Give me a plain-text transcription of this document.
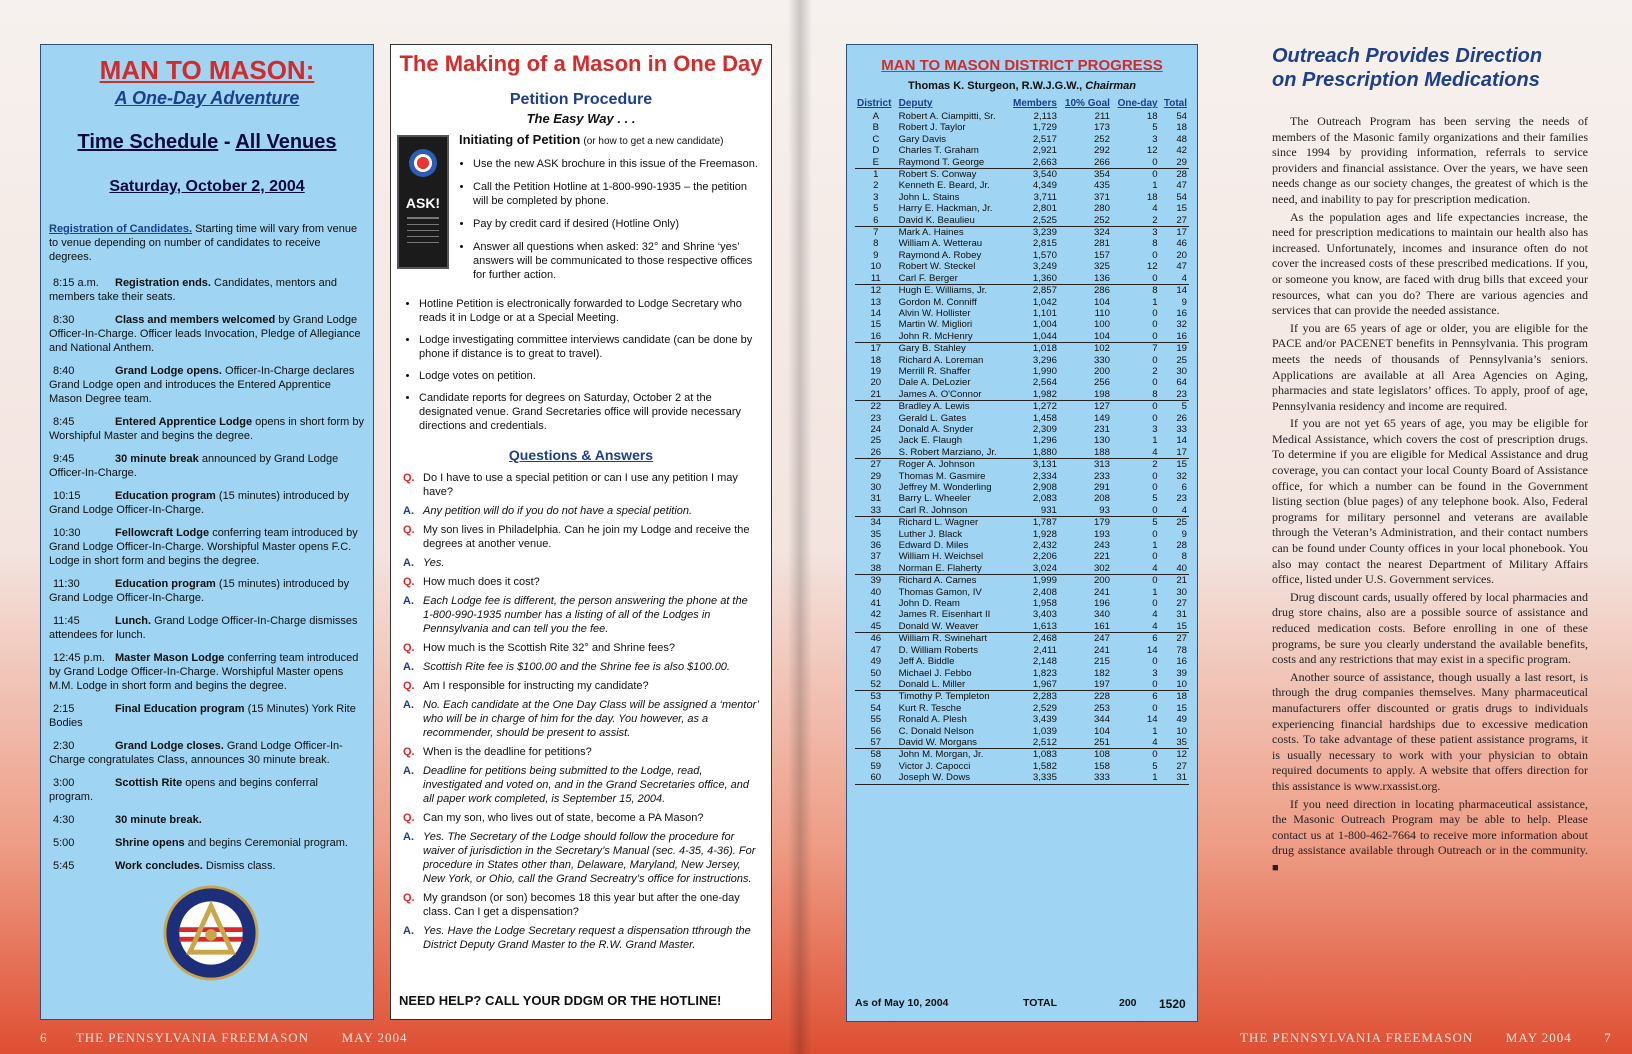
MAN TO MASON:
A One-Day Adventure
Time Schedule - All Venues
Saturday, October 2, 2004
Registration of Candidates. Starting time will vary from venue to venue depending on number of candidates to receive degrees.
8:15 a.m. Registration ends. Candidates, mentors and members take their seats.
8:30	Class and members welcomed by Grand Lodge Officer-In-Charge. Officer leads Invocation, Pledge of Allegiance and National Anthem.
8:40	Grand Lodge opens. Officer-In-Charge declares Grand Lodge open and introduces the Entered Apprentice Mason Degree team.
8:45	Entered Apprentice Lodge opens in short form by Worshipful Master and begins the degree.
9:45	30 minute break announced by Grand Lodge Officer-In-Charge.
10:15	Education program (15 minutes) introduced by Grand Lodge Officer-In-Charge.
10:30	Fellowcraft Lodge conferring team introduced by Grand Lodge Officer-In-Charge. Worshipful Master opens F.C. Lodge in short form and begins the degree.
11:30	Education program (15 minutes) introduced by Grand Lodge Officer-In-Charge.
11:45	Lunch. Grand Lodge Officer-In-Charge dismisses attendees for lunch.
12:45 p.m. Master Mason Lodge conferring team introduced by Grand Lodge Officer-In-Charge. Worshipful Master opens M.M. Lodge in short form and begins the degree.
2:15	Final Education program (15 Minutes) York Rite Bodies
2:30	Grand Lodge closes. Grand Lodge Officer-In-Charge congratulates Class, announces 30 minute break.
3:00	Scottish Rite opens and begins conferral program.
4:30	30 minute break.
5:00	Shrine opens and begins Ceremonial program.
5:45	Work concludes. Dismiss class.
The Making of a Mason in One Day
Petition Procedure
The Easy Way . . .
ASK!
Initiating of Petition (or how to get a new candidate)
• Use the new ASK brochure in this issue of the Freemason.
• Call the Petition Hotline at 1-800-990-1935 – the petition will be completed by phone.
• Pay by credit card if desired (Hotline Only)
• Answer all questions when asked: 32° and Shrine ‘yes’ answers will be communicated to those respective offices for further action.
• Hotline Petition is electronically forwarded to Lodge Secretary who reads it in Lodge or at a Special Meeting.
• Lodge investigating committee interviews candidate (can be done by phone if distance is to great to travel).
• Lodge votes on petition.
• Candidate reports for degrees on Saturday, October 2 at the designated venue. Grand Secretaries office will provide necessary directions and credentials.
Questions & Answers
Q. Do I have to use a special petition or can I use any petition I may have?
A. Any petition will do if you do not have a special petition.
Q. My son lives in Philadelphia. Can he join my Lodge and receive the degrees at another venue.
A. Yes.
Q. How much does it cost?
A. Each Lodge fee is different, the person answering the phone at the 1-800-990-1935 number has a listing of all of the Lodges in Pennsylvania and can tell you the fee.
Q. How much is the Scottish Rite 32° and Shrine fees?
A. Scottish Rite fee is $100.00 and the Shrine fee is also $100.00.
Q. Am I responsible for instructing my candidate?
A. No. Each candidate at the One Day Class will be assigned a ‘mentor’ who will be in charge of him for the day. You however, as a recommender, should be present to assist.
Q. When is the deadline for petitions?
A. Deadline for petitions being submitted to the Lodge, read, investigated and voted on, and in the Grand Secretaries office, and all paper work completed, is September 15, 2004.
Q. Can my son, who lives out of state, become a PA Mason?
A. Yes. The Secretary of the Lodge should follow the procedure for waiver of jurisdiction in the Secretary’s Manual (sec. 4-35, 4-36). For procedure in States other than, Delaware, Maryland, New Jersey, New York, or Ohio, call the Grand Secreatry’s office for instructions.
Q. My grandson (or son) becomes 18 this year but after the one-day class. Can I get a dispensation?
A. Yes. Have the Lodge Secretary request a dispensation tthrough the District Deputy Grand Master to the R.W. Grand Master.
NEED HELP? CALL YOUR DDGM OR THE HOTLINE!
MAN TO MASON DISTRICT PROGRESS
Thomas K. Sturgeon, R.W.J.G.W., Chairman
District	Deputy	Members	10% Goal	One-day	Total
A	Robert A. Ciampitti, Sr.	2,113	211	18	54
B	Robert J. Taylor	1,729	173	5	18
C	Gary Davis	2,517	252	3	48
D	Charles T. Graham	2,921	292	12	42
E	Raymond T. George	2,663	266	0	29
1	Robert S. Conway	3,540	354	0	28
2	Kenneth E. Beard, Jr.	4,349	435	1	47
3	John L. Stains	3,711	371	18	54
5	Harry E. Hackman, Jr.	2,801	280	4	15
6	David K. Beaulieu	2,525	252	2	27
7	Mark A. Haines	3,239	324	3	17
8	William A. Wetterau	2,815	281	8	46
9	Raymond A. Robey	1,570	157	0	20
10	Robert W. Steckel	3,249	325	12	47
11	Carl F. Berger	1,360	136	0	4
12	Hugh E. Williams, Jr.	2,857	286	8	14
13	Gordon M. Conniff	1,042	104	1	9
14	Alvin W. Hollister	1,101	110	0	16
15	Martin W. Migliori	1,004	100	0	32
16	John R. McHenry	1,044	104	0	16
17	Gary B. Stahley	1,018	102	7	19
18	Richard A. Loreman	3,296	330	0	25
19	Merrill R. Shaffer	1,990	200	2	30
20	Dale A. DeLozier	2,564	256	0	64
21	James A. O'Connor	1,982	198	8	23
22	Bradley A. Lewis	1,272	127	0	5
23	Gerald L. Gates	1,458	149	0	26
24	Donald A. Snyder	2,309	231	3	33
25	Jack E. Flaugh	1,296	130	1	14
26	S. Robert Marziano, Jr.	1,880	188	4	17
27	Roger A. Johnson	3,131	313	2	15
29	Thomas M. Gasmire	2,334	233	0	32
30	Jeffrey M. Wonderling	2,908	291	0	6
31	Barry L. Wheeler	2,083	208	5	23
33	Carl R. Johnson	931	93	0	4
34	Richard L. Wagner	1,787	179	5	25
35	Luther J. Black	1,928	193	0	9
36	Edward D. Miles	2,432	243	1	28
37	William H. Weichsel	2,206	221	0	8
38	Norman E. Flaherty	3,024	302	4	40
39	Richard A. Carnes	1,999	200	0	21
40	Thomas Gamon, IV	2,408	241	1	30
41	John D. Ream	1,958	196	0	27
42	James R. Eisenhart II	3,403	340	4	31
45	Donald W. Weaver	1,613	161	4	15
46	William R. Swinehart	2,468	247	6	27
47	D. William Roberts	2,411	241	14	78
49	Jeff A. Biddle	2,148	215	0	16
50	Michael J. Febbo	1,823	182	3	39
52	Donald L. Miller	1,967	197	0	10
53	Timothy P. Templeton	2,283	228	6	18
54	Kurt R. Tesche	2,529	253	0	15
55	Ronald A. Plesh	3,439	344	14	49
56	C. Donald Nelson	1,039	104	1	10
57	David W. Morgans	2,512	251	4	35
58	John M. Morgan, Jr.	1,083	108	0	12
59	Victor J. Capocci	1,582	158	5	27
60	Joseph W. Dows	3,335	333	1	31
As of May 10, 2004	TOTAL	200 1520
Outreach Provides Direction
on Prescription Medications

The Outreach Program has been serving the needs of members of the Masonic family organizations and their families since 1994 by providing information, referrals to service providers and financial assistance. Over the years, we have seen needs change as our society changes, the greatest of which is the need, and inability to pay for prescription medication.

As the population ages and life expectancies increase, the need for prescription medications to maintain our health also has increased. Unfortunately, incomes and insurance often do not cover the increased costs of these prescribed medications. If you, or someone you know, are faced with drug bills that exceed your resources, what can you do? There are various agencies and services that can provide the needed assistance.

If you are 65 years of age or older, you are eligible for the PACE and/or PACENET benefits in Pennsylvania. This program meets the needs of thousands of Pennsylvania’s seniors. Applications are available at all Area Agencies on Aging, pharmacies and state legislators’ offices. To apply, proof of age, Pennsylvania residency and income are required.

If you are not yet 65 years of age, you may be eligible for Medical Assistance, which covers the cost of prescription drugs. To determine if you are eligible for Medical Assistance and drug coverage, you can contact your local County Board of Assistance office, for which a number can be found in the Government listing section (blue pages) of any telephone book. Also, Federal programs for military personnel and veterans are available through the Veteran’s Administration, and their contact numbers can be found under County offices in your local phonebook. You also may contact the nearest Department of Military Affairs office, listed under U.S. Government services.

Drug discount cards, usually offered by local pharmacies and drug store chains, also are a possible source of assistance and reduced medication costs. Before enrolling in one of these programs, be sure you clearly understand the available benefits, costs and any restrictions that may exist in a specific program.

Another source of assistance, though usually a last resort, is through the drug companies themselves. Many pharmaceutical manufacturers offer discounted or gratis drugs to individuals experiencing financial hardships due to excessive medication costs. To take advantage of these patient assistance programs, it is usually necessary to work with your physician to obtain required documents to apply. A website that offers direction for this assistance is www.rxassist.org.

If you need direction in locating pharmaceutical assistance, the Masonic Outreach Program may be able to help. Please contact us at 1-800-462-7664 to receive more information about drug assistance available through Outreach or in the community. ■

6 THE PENNSYLVANIA FREEMASON	MAY 2004	THE PENNSYLVANIA FREEMASON	MAY 2004	7
